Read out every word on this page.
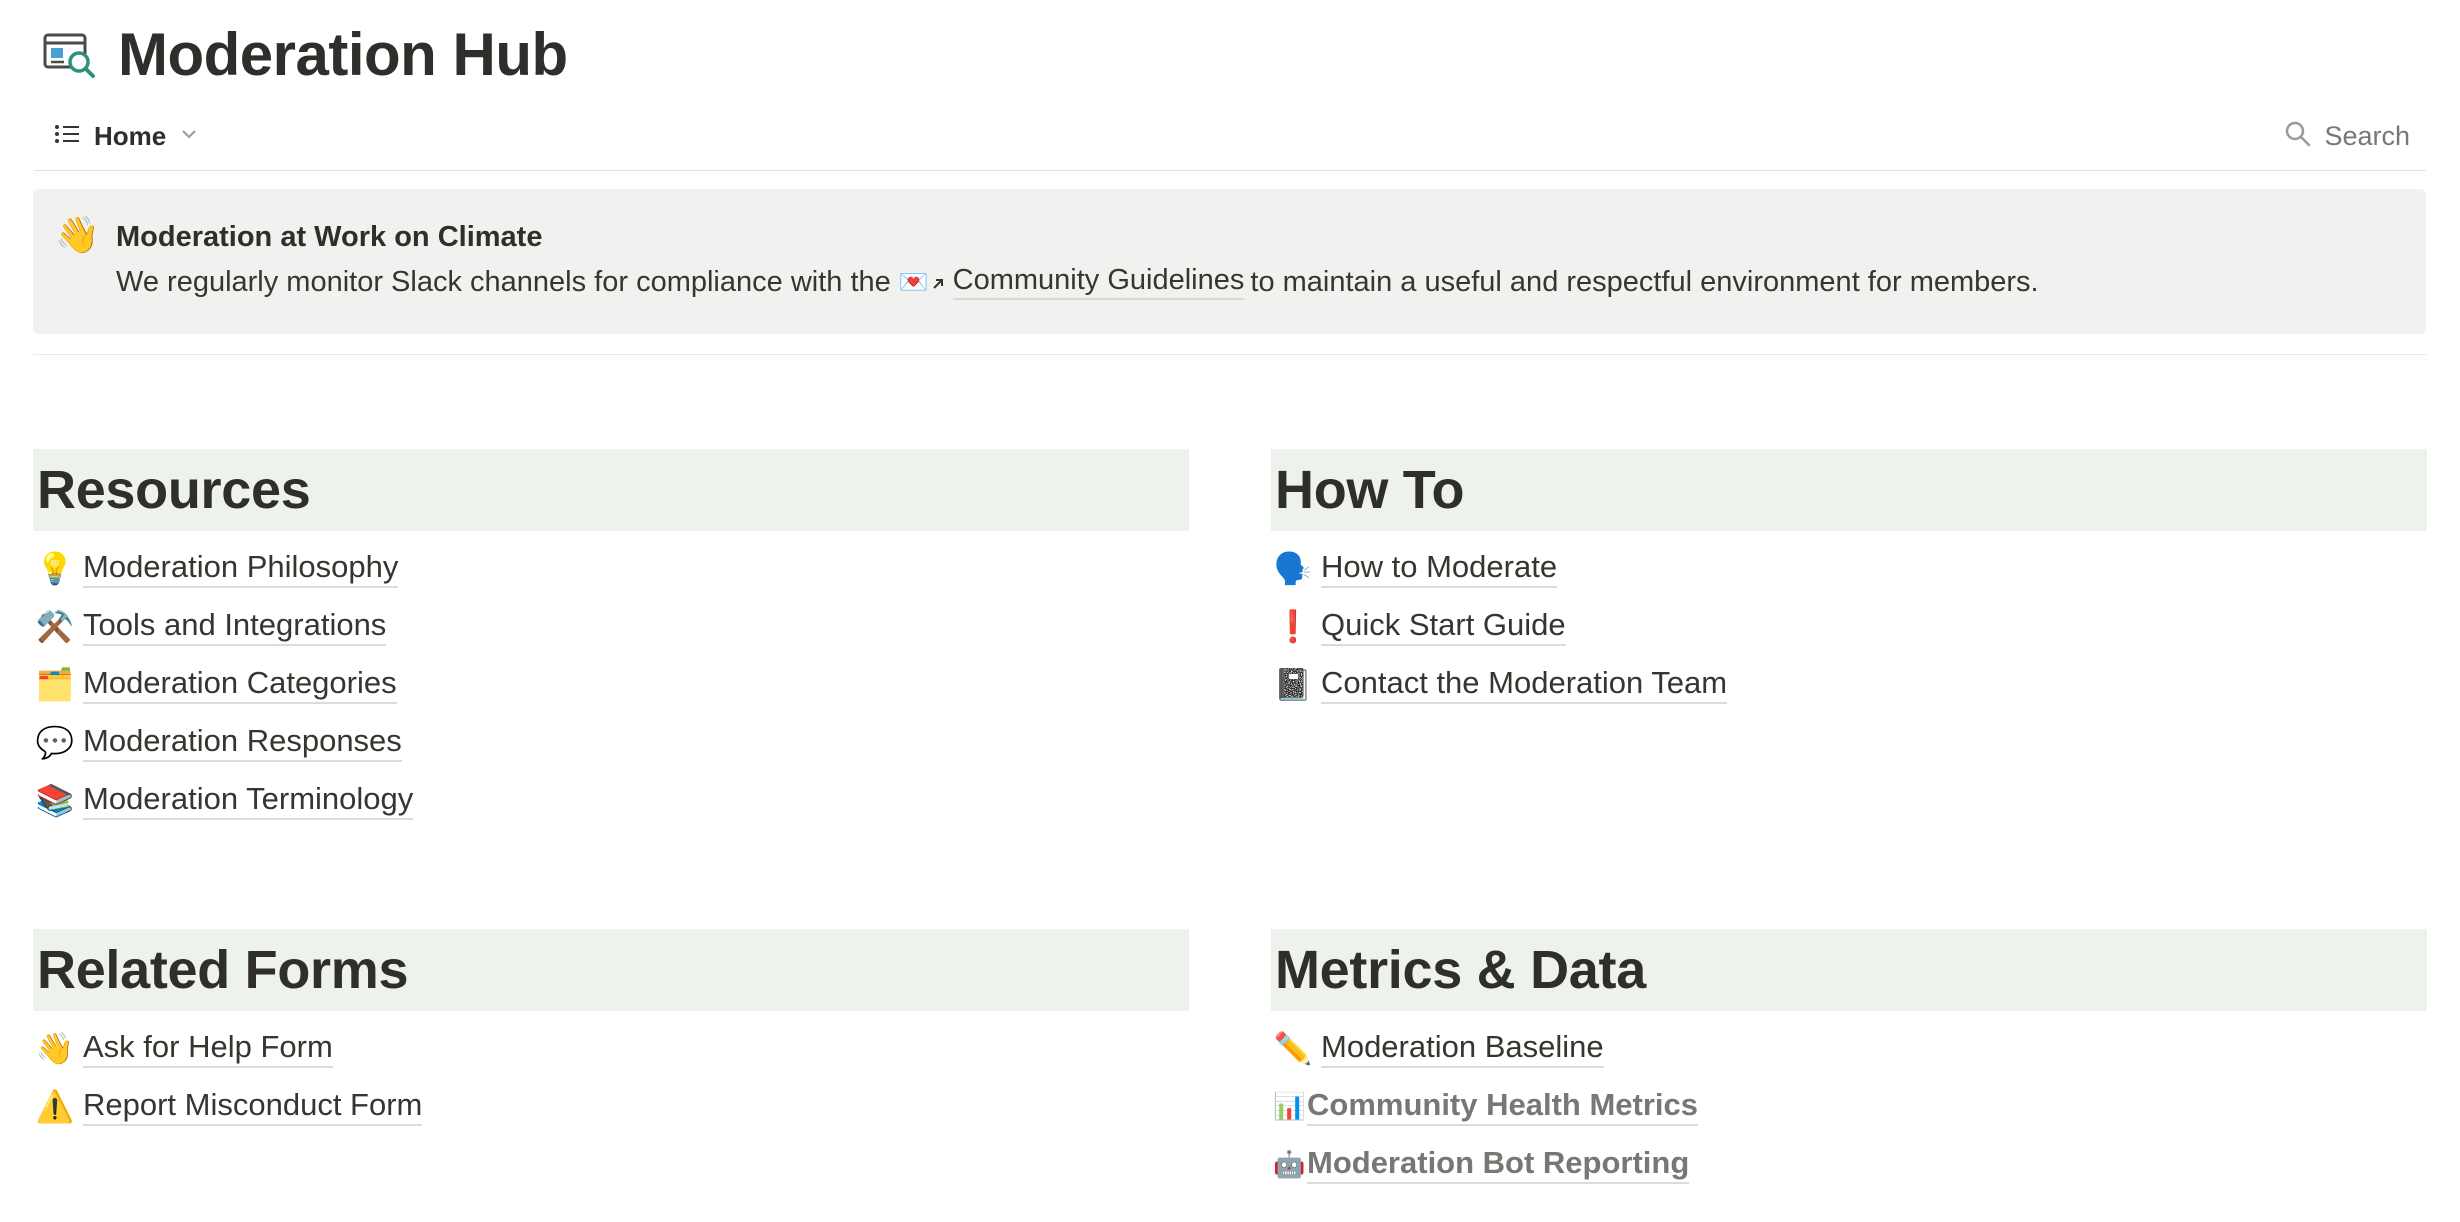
Moderation Hub
Home	Search
👋 Moderation at Work on Climate
We regularly monitor Slack channels for compliance with the 💌 Community Guidelines to maintain a useful and respectful environment for members.
Resources
💡 Moderation Philosophy
⚒️ Tools and Integrations
🗂️ Moderation Categories
💬 Moderation Responses
📚 Moderation Terminology
How To
🗣️ How to Moderate
❗ Quick Start Guide
📓 Contact the Moderation Team
Related Forms
👋 Ask for Help Form
⚠️ Report Misconduct Form
Metrics & Data
✏️ Moderation Baseline
📊 Community Health Metrics
🤖 Moderation Bot Reporting
